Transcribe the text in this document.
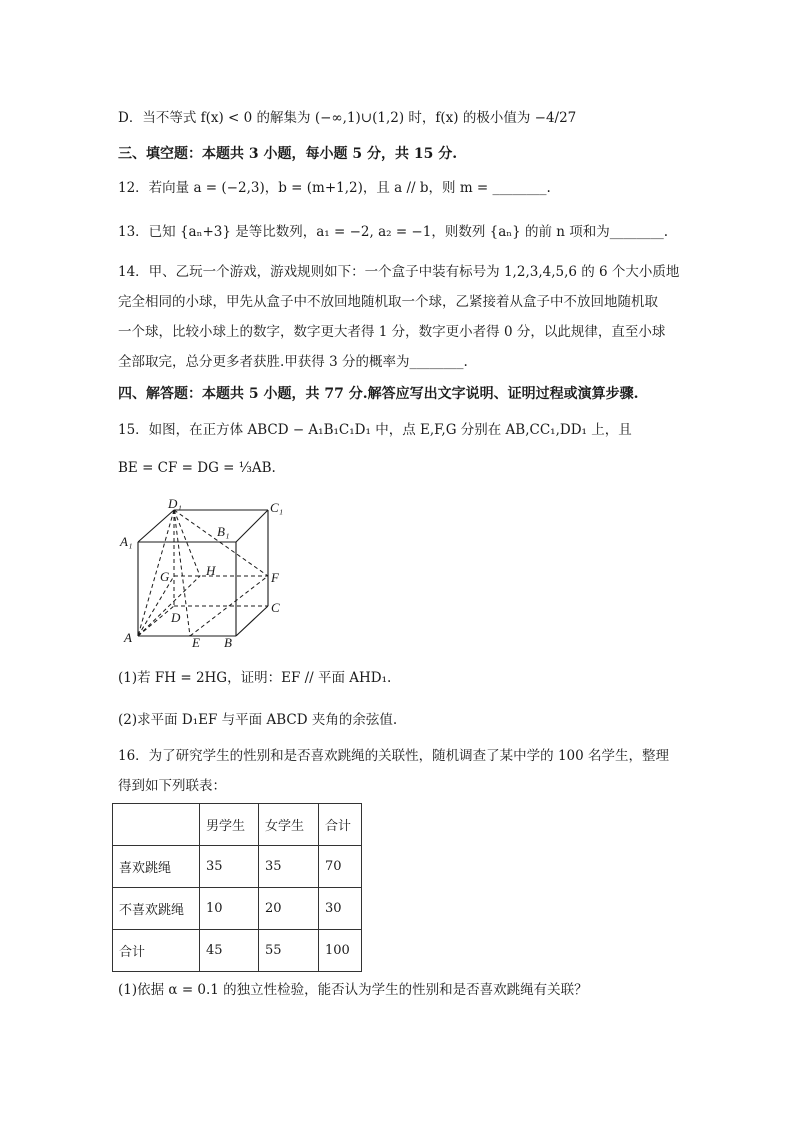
D．当不等式 f(x) < 0 的解集为 (−∞,1)∪(1,2) 时，f(x) 的极小值为 −4/27
三、填空题：本题共 3 小题，每小题 5 分，共 15 分.
12．若向量 a = (−2,3)，b = (m+1,2)，且 a // b，则 m = ________.
13．已知 {aₙ+3} 是等比数列，a₁ = −2, a₂ = −1，则数列 {aₙ} 的前 n 项和为________.
14．甲、乙玩一个游戏，游戏规则如下：一个盒子中装有标号为 1,2,3,4,5,6 的 6 个大小质地
完全相同的小球，甲先从盒子中不放回地随机取一个球，乙紧接着从盒子中不放回地随机取
一个球，比较小球上的数字，数字更大者得 1 分，数字更小者得 0 分，以此规律，直至小球
全部取完，总分更多者获胜.甲获得 3 分的概率为________.
四、解答题：本题共 5 小题，共 77 分.解答应写出文字说明、证明过程或演算步骤.
15．如图，在正方体 ABCD − A₁B₁C₁D₁ 中，点 E,F,G 分别在 AB,CC₁,DD₁ 上，且
BE = CF = DG = ⅓AB.
D₁	C₁
B₁
A₁
G	H	F
C
D
A	E B
(1)若 FH = 2HG，证明：EF // 平面 AHD₁.
(2)求平面 D₁EF 与平面 ABCD 夹角的余弦值.
16．为了研究学生的性别和是否喜欢跳绳的关联性，随机调查了某中学的 100 名学生，整理
得到如下列联表：
	男学生	女学生	合计
喜欢跳绳	35	35	70
不喜欢跳绳	10	20	30
合计	45	55	100
(1)依据 α = 0.1 的独立性检验，能否认为学生的性别和是否喜欢跳绳有关联？
